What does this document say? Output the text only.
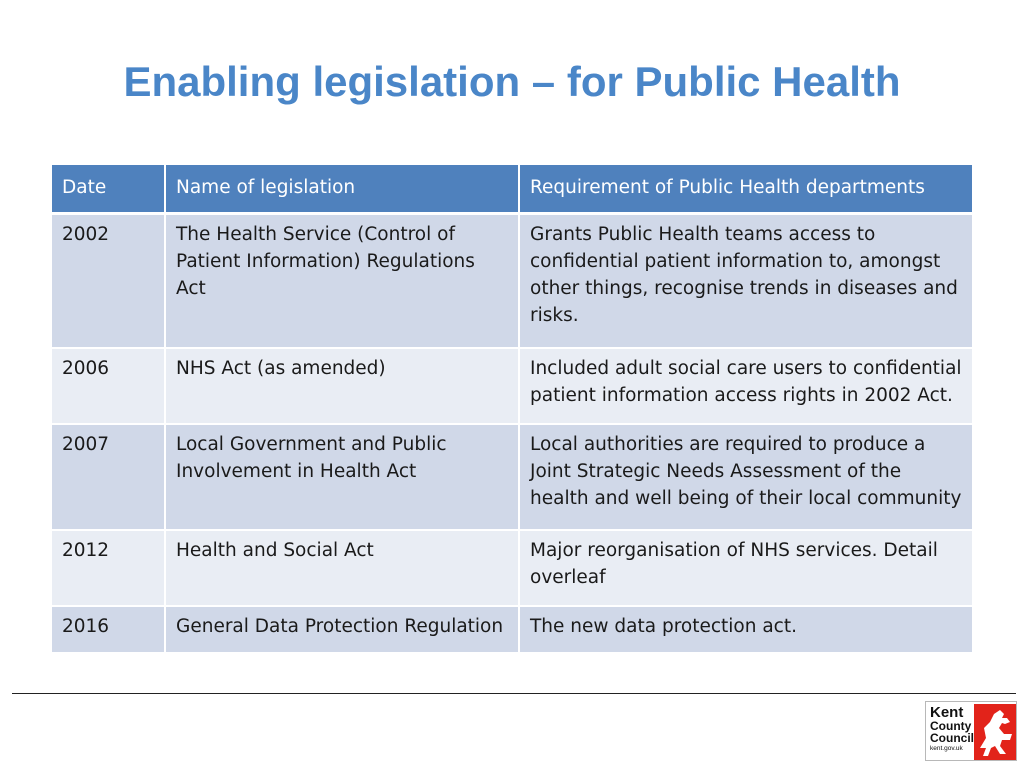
Enabling legislation – for Public Health
Date	Name of legislation	Requirement of Public Health departments
2002	The Health Service (Control of Patient Information) Regulations Act	Grants Public Health teams access to confidential patient information to, amongst other things, recognise trends in diseases and risks.
2006	NHS Act (as amended)	Included adult social care users to confidential patient information access rights in 2002 Act.
2007	Local Government and Public Involvement in Health Act	Local authorities are required to produce a Joint Strategic Needs Assessment of the health and well being of their local community
2012	Health and Social Act	Major reorganisation of NHS services. Detail overleaf
2016	General Data Protection Regulation	The new data protection act.
Kent
County
Council
kent.gov.uk
